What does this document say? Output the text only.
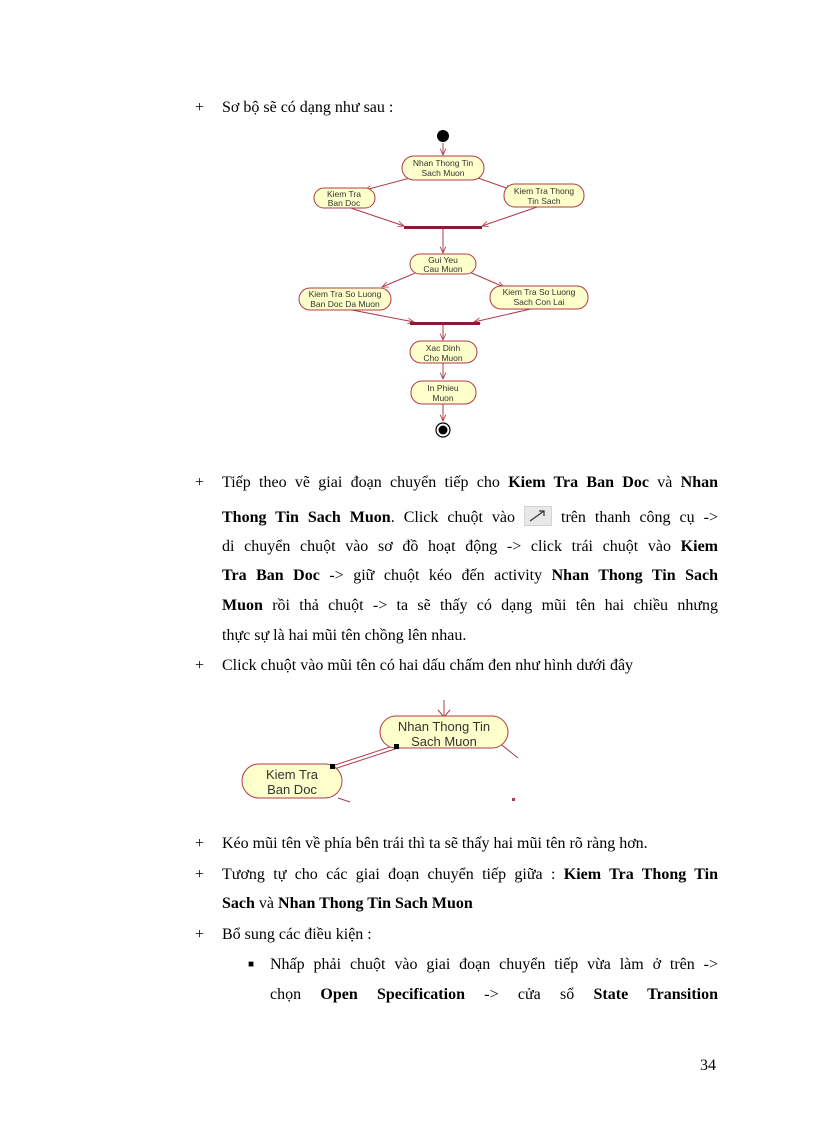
+ Sơ bộ sẽ có dạng như sau :
Nhan Thong Tin
Sach Muon
Kiem Tra
Ban Doc
Kiem Tra Thong
Tin Sach
Gui Yeu
Cau Muon
Kiem Tra So Luong
Ban Doc Da Muon
Kiem Tra So Luong
Sach Con Lai
Xac Dinh
Cho Muon
In Phieu
Muon
+ Tiếp theo vẽ giai đoạn chuyển tiếp cho Kiem Tra Ban Doc và Nhan
Thong Tin Sach Muon. Click chuột vào  trên thanh công cụ ->
di chuyển chuột vào sơ đồ hoạt động -> click trái chuột vào Kiem
Tra Ban Doc -> giữ chuột kéo đến activity Nhan Thong Tin Sach
Muon rồi thả chuột -> ta sẽ thấy có dạng mũi tên hai chiều nhưng
thực sự là hai mũi tên chồng lên nhau.
+ Click chuột vào mũi tên có hai dấu chấm đen như hình dưới đây
Nhan Thong Tin
Sach Muon
Kiem Tra
Ban Doc
+ Kéo mũi tên về phía bên trái thì ta sẽ thấy hai mũi tên rõ ràng hơn.
+ Tương tự cho các giai đoạn chuyển tiếp giữa : Kiem Tra Thong Tin
Sach và Nhan Thong Tin Sach Muon
+ Bổ sung các điều kiện :
■ Nhấp phải chuột vào giai đoạn chuyển tiếp vừa làm ở trên ->
chọn Open Specification -> cửa sổ State Transition
34
